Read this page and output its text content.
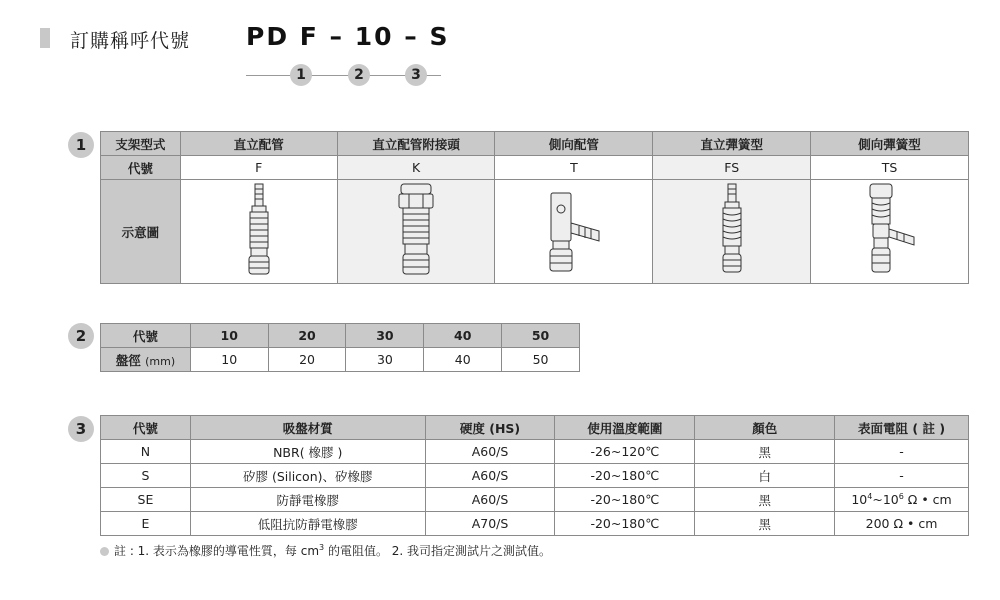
訂購稱呼代號 PD F – 10 – S
1	2	3
1	支架型式	直立配管	直立配管附接頭	側向配管	直立彈簧型	側向彈簧型
代號	F	K	T	FS	TS
示意圖					
2	代號	10	20	30	40	50
盤徑 (mm)	10	20	30	40	50
3	代號	吸盤材質	硬度 (HS)	使用溫度範圍	顏色	表面電阻 ( 註 )
N	NBR( 橡膠 )	A60/S	-26~120℃	黑	-
S	矽膠 (Silicon)、矽橡膠	A60/S	-20~180℃	白	-
SE	防靜電橡膠	A60/S	-20~180℃	黑	$10^4\sim 10^6$ Ω • cm
E	低阻抗防靜電橡膠	A70/S	-20~180℃	黑	200 Ω • cm
註 : 1. 表示為橡膠的導電性質，每 $cm^3$ 的電阻值。 2. 我司指定測試片之測試值。
